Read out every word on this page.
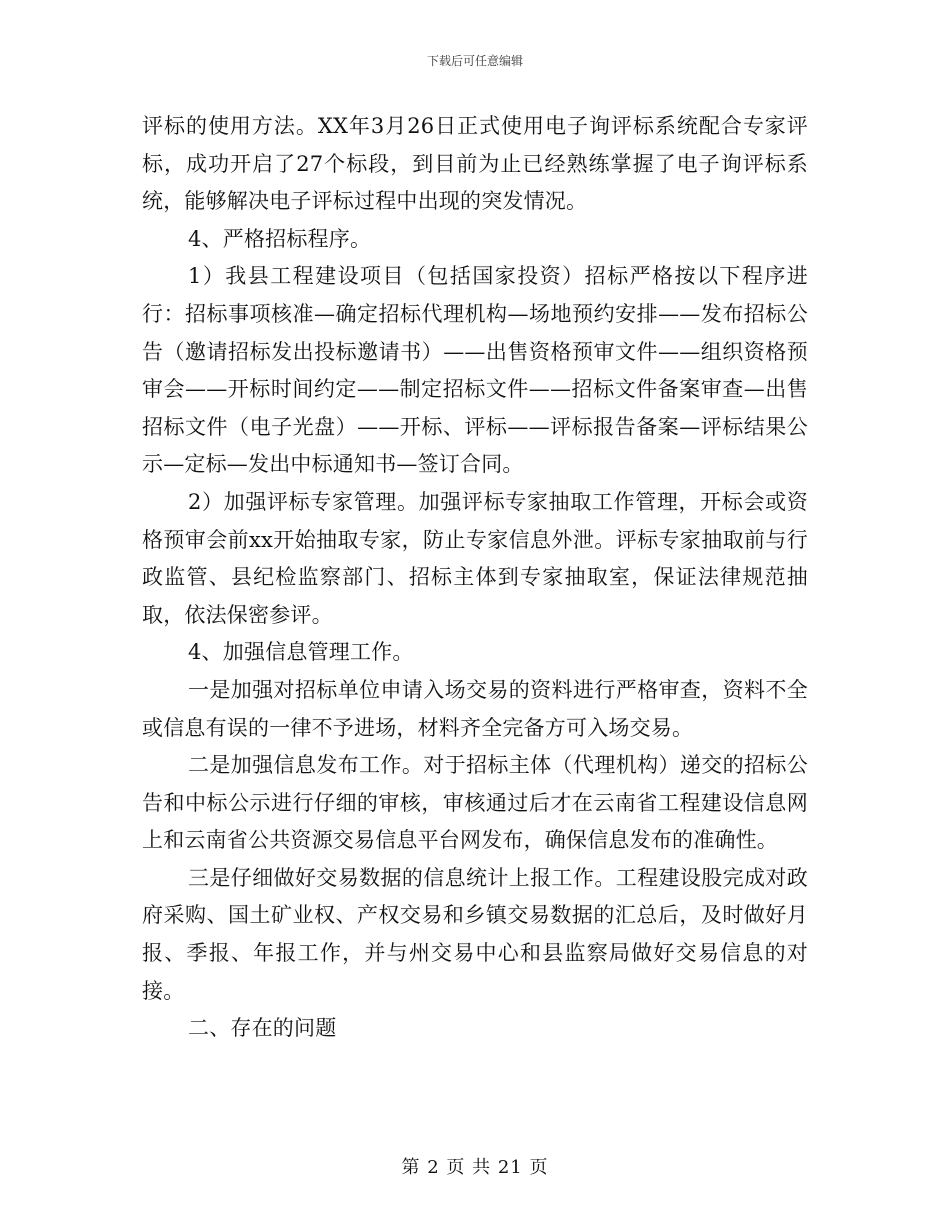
下载后可任意编辑

评标的使用方法。XX年3月26日正式使用电子询评标系统配合专家评标，成功开启了27个标段，到目前为止已经熟练掌握了电子询评标系统，能够解决电子评标过程中出现的突发情况。

4、严格招标程序。

1）我县工程建设项目（包括国家投资）招标严格按以下程序进行：招标事项核准—确定招标代理机构—场地预约安排——发布招标公告（邀请招标发出投标邀请书）——出售资格预审文件——组织资格预审会——开标时间约定——制定招标文件——招标文件备案审查—出售招标文件（电子光盘）——开标、评标——评标报告备案—评标结果公示—定标—发出中标通知书—签订合同。

2）加强评标专家管理。加强评标专家抽取工作管理，开标会或资格预审会前xx开始抽取专家，防止专家信息外泄。评标专家抽取前与行政监管、县纪检监察部门、招标主体到专家抽取室，保证法律规范抽取，依法保密参评。

4、加强信息管理工作。

一是加强对招标单位申请入场交易的资料进行严格审查，资料不全或信息有误的一律不予进场，材料齐全完备方可入场交易。

二是加强信息发布工作。对于招标主体（代理机构）递交的招标公告和中标公示进行仔细的审核，审核通过后才在云南省工程建设信息网上和云南省公共资源交易信息平台网发布，确保信息发布的准确性。

三是仔细做好交易数据的信息统计上报工作。工程建设股完成对政府采购、国土矿业权、产权交易和乡镇交易数据的汇总后，及时做好月报、季报、年报工作，并与州交易中心和县监察局做好交易信息的对接。

二、存在的问题

第 2 页 共 21 页
